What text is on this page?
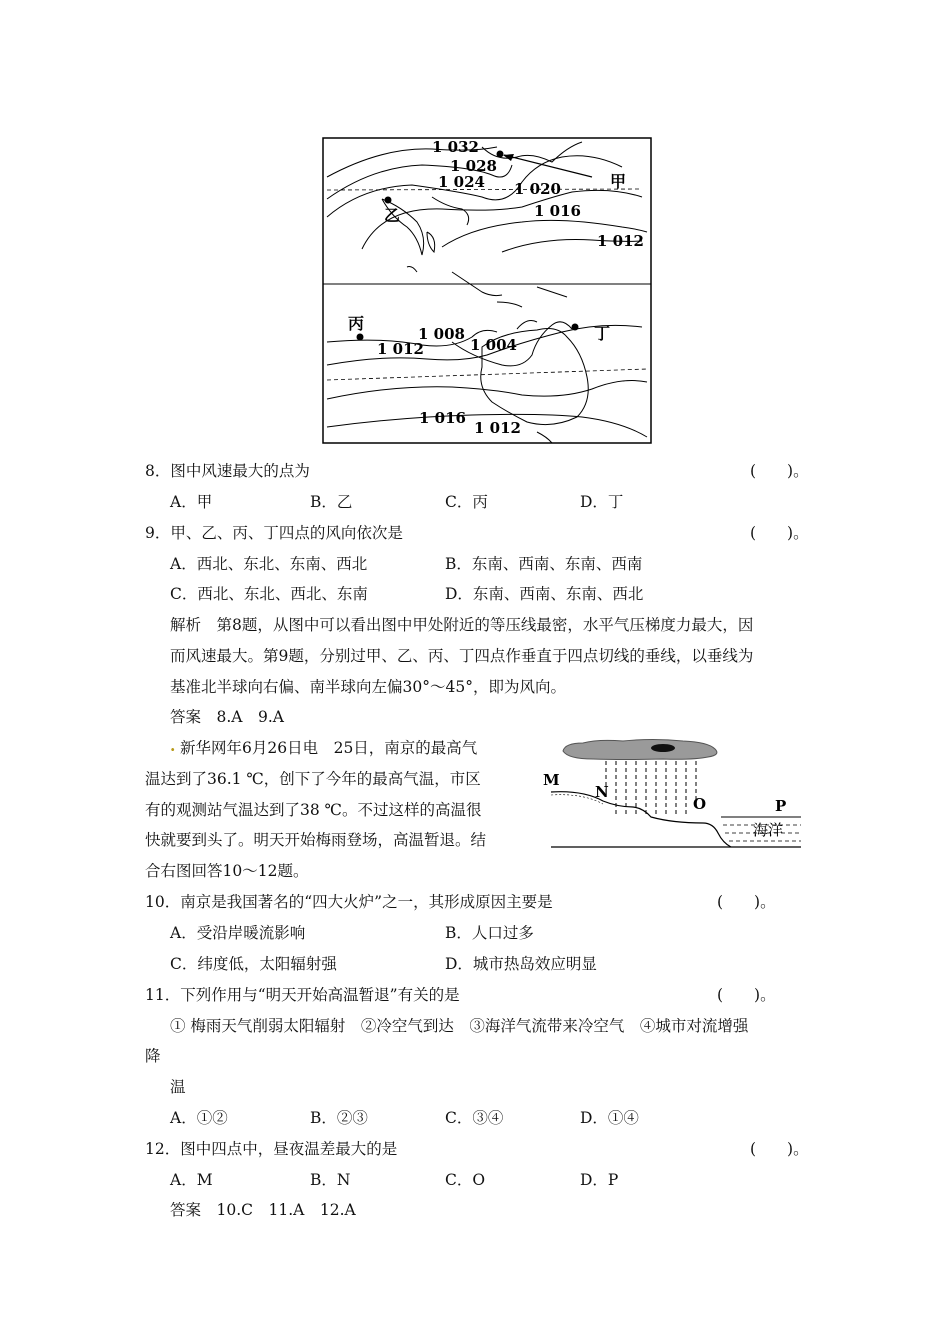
1 032
1 028
1 024 1 020
1 016
1 012
1 008
1 004
1 012
1 016
1 012
甲
乙
丙
丁
8．图中风速最大的点为	(　　)。
A．甲	B．乙	C．丙	D．丁
9．甲、乙、丙、丁四点的风向依次是	(　　)。
A．西北、东北、东南、西北	B．东南、西南、东南、西南
C．西北、东北、西北、东南	D．东南、西南、东南、西北
解析　第8题，从图中可以看出图中甲处附近的等压线最密，水平气压梯度力最大，因
而风速最大。第9题，分别过甲、乙、丙、丁四点作垂直于四点切线的垂线，以垂线为
基准北半球向右偏、南半球向左偏30°～45°，即为风向。
答案　8.A　9.A
. 新华网年6月26日电　25日，南京的最高气
温达到了36.1 ℃，创下了今年的最高气温，市区
有的观测站气温达到了38 ℃。不过这样的高温很
快就要到头了。明天开始梅雨登场，高温暂退。结
合右图回答10～12题。
M
N
O	P
海洋
10．南京是我国著名的“四大火炉”之一，其形成原因主要是	(　　)。
A．受沿岸暖流影响	B．人口过多
C．纬度低，太阳辐射强	D．城市热岛效应明显
11．下列作用与“明天开始高温暂退”有关的是	(　　)。
① 梅雨天气削弱太阳辐射　②冷空气到达　③海洋气流带来冷空气　④城市对流增强
降
温
A．①②	B．②③	C．③④	D．①④
12．图中四点中，昼夜温差最大的是	(　　)。
A．M	B．N	C．O	D．P
答案　10.C　11.A　12.A
